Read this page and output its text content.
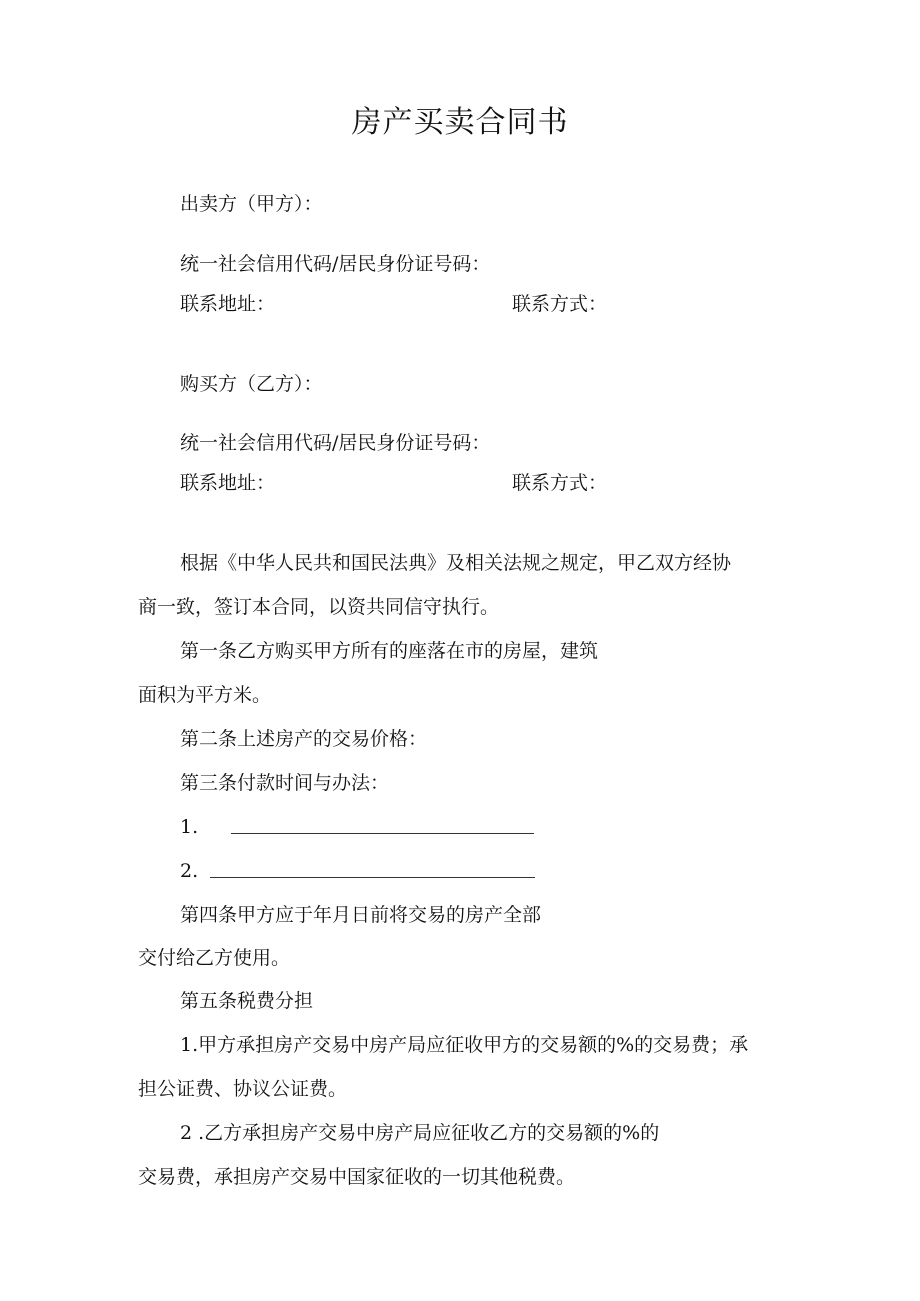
房产买卖合同书
出卖方（甲方）：
统一社会信用代码/居民身份证号码：
联系地址：	联系方式：
购买方（乙方）：
统一社会信用代码/居民身份证号码：
联系地址：	联系方式：
根据《中华人民共和国民法典》及相关法规之规定，甲乙双方经协
商一致，签订本合同，以资共同信守执行。
第一条乙方购买甲方所有的座落在市的房屋，建筑
面积为平方米。
第二条上述房产的交易价格：
第三条付款时间与办法：
1.
2.
第四条甲方应于年月日前将交易的房产全部
交付给乙方使用。
第五条税费分担
1.甲方承担房产交易中房产局应征收甲方的交易额的%的交易费；承
担公证费、协议公证费。
2 .乙方承担房产交易中房产局应征收乙方的交易额的%的
交易费，承担房产交易中国家征收的一切其他税费。
